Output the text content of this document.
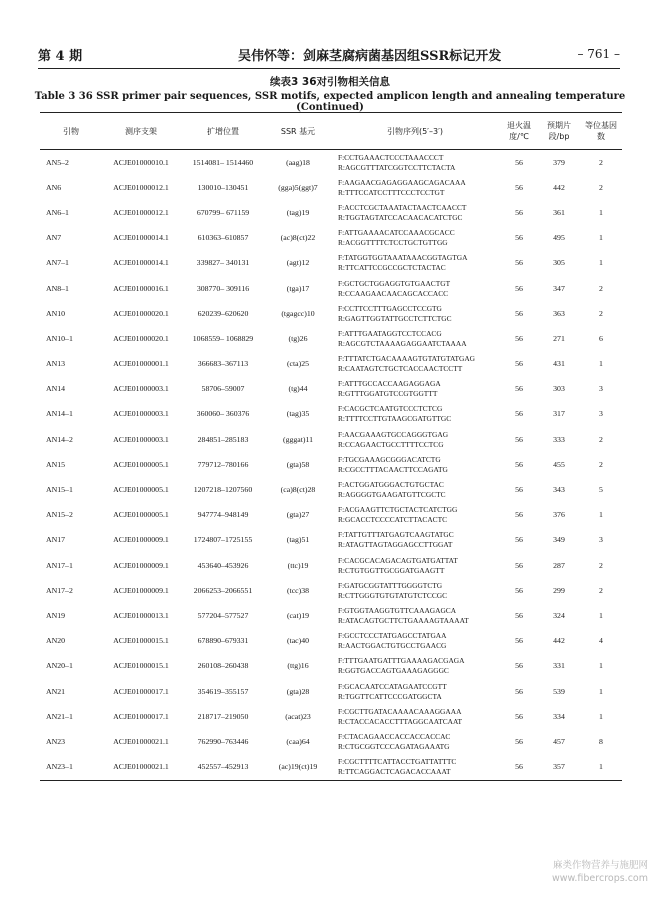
第 4 期	吴伟怀等：剑麻茎腐病菌基因组SSR标记开发	– 761 –
续表3 36对引物相关信息
Table 3 36 SSR primer pair sequences, SSR motifs, expected amplicon length and annealing temperature (Continued)
引物	测序支架	扩增位置	SSR 基元	引物序列(5′–3′)	退火温度/℃	预期片段/bp	等位基因数
AN5–2	ACJE01000010.1	1514081– 1514460	(aag)18	F:CCTGAAACTCCCTAAACCCT
R:AGCGTTTATCGGTCCTTCTACTA	56	379	2
AN6	ACJE01000012.1	130010–130451	(gga)5(ggt)7	F:AAGAACGAGAGGAAGCAGACAAA
R:TTTCCATCCTTTCCCTCCTGT	56	442	2
AN6–1	ACJE01000012.1	670799– 671159	(tag)19	F:ACCTCGCTAAATACTAACTCAACCT
R:TGGTAGTATCCACAACACATCTGC	56	361	1
AN7	ACJE01000014.1	610363–610857	(ac)8(ct)22	F:ATTGAAAACATCCAAACGCACC
R:ACGGTTTTCTCCTGCTGTTGG	56	495	1
AN7–1	ACJE01000014.1	339827– 340131	(agt)12	F:TATGGTGGTAAATAAACGGTAGTGA
R:TTCATTCCGCCGCTCTACTAC	56	305	1
AN8–1	ACJE01000016.1	308770– 309116	(tga)17	F:GCTGCTGGAGGTGTGAACTGT
R:CCAAGAACAACAGCACCACC	56	347	2
AN10	ACJE01000020.1	620239–620620	(tgagcc)10	F:CCTTCCTTTGAGCCTCCGTG
R:GAGTTGGTATTGCCTCTTCTGC	56	363	2
AN10–1	ACJE01000020.1	1068559– 1068829	(tg)26	F:ATTTGAATAGGTCCTCCACG
R:AGCGTCTAAAAGAGGAATCTAAAA	56	271	6
AN13	ACJE01000001.1	366683–367113	(cta)25	F:TTTATCTGACAAAAGTGTATGTATGAG
R:CAATAGTCTGCTCACCAACTCCTT	56	431	1
AN14	ACJE01000003.1	58706–59007	(tg)44	F:ATTTGCCACCAAGAGGAGA
R:GTTTGGATGTCCGTGGTTT	56	303	3
AN14–1	ACJE01000003.1	360060– 360376	(tag)35	F:CACGCTCAATGTCCCTCTCG
R:TTTTCCTTGTAAGCGATGTTGC	56	317	3
AN14–2	ACJE01000003.1	284851–285183	(gggat)11	F:AACGAAAGTGCCAGGGTGAG
R:CCAGAACTGCCTTTTCCTCG	56	333	2
AN15	ACJE01000005.1	779712–780166	(gta)58	F:TGCGAAAGCGGGACATCTG
R:CGCCTTTACAACTTCCAGATG	56	455	2
AN15–1	ACJE01000005.1	1207218–1207560	(ca)8(ct)28	F:ACTGGATGGGACTGTGCTAC
R:AGGGGTGAAGATGTTCGCTC	56	343	5
AN15–2	ACJE01000005.1	947774–948149	(gta)27	F:ACGAAGTTCTGCTACTCATCTGG
R:GCACCTCCCCATCTTACACTC	56	376	1
AN17	ACJE01000009.1	1724807–1725155	(tag)51	F:TATTGTTTATGAGTCAAGTATGC
R:ATAGTTAGTAGGAGCCTTGGAT	56	349	3
AN17–1	ACJE01000009.1	453640–453926	(ttc)19	F:CACGCACAGACAGTGATGATTAT
R:CTGTGGTTGCGGATGAAGTT	56	287	2
AN17–2	ACJE01000009.1	2066253–2066551	(tcc)38	F:GATGCGGTATTTGGGGTCTG
R:CTTGGGTGTGTATGTCTCCGC	56	299	2
AN19	ACJE01000013.1	577204–577527	(cat)19	F:GTGGTAAGGTGTTCAAAGAGCA
R:ATACAGTGCTTCTGAAAAGTAAAAT	56	324	1
AN20	ACJE01000015.1	678890–679331	(tac)40	F:GCCTCCCTATGAGCCTATGAA
R:AACTGGACTGTGCCTGAACG	56	442	4
AN20–1	ACJE01000015.1	260108–260438	(ttg)16	F:TTTGAATGATTTGAAAAGACGAGA
R:GGTGACCAGTGAAAGAGGGC	56	331	1
AN21	ACJE01000017.1	354619–355157	(gta)28	F:GCACAATCCATAGAATCCGTT
R:TGGTTCATTCCCGATGGCTA	56	539	1
AN21–1	ACJE01000017.1	218717–219050	(acat)23	F:CGCTTGATACAAAACAAAGGAAA
R:CTACCACACCTTTAGGCAATCAAT	56	334	1
AN23	ACJE01000021.1	762990–763446	(caa)64	F:CTACAGAACCACCACCACCAC
R:CTGCGGTCCCAGATAGAAATG	56	457	8
AN23–1	ACJE01000021.1	452557–452913	(ac)19(ct)19	F:CGCTTTTCATTACCTGATTATTTC
R:TTCAGGACTCAGACACCAAAT	56	357	1
麻类作物营养与施肥网
www.fibercrops.com
